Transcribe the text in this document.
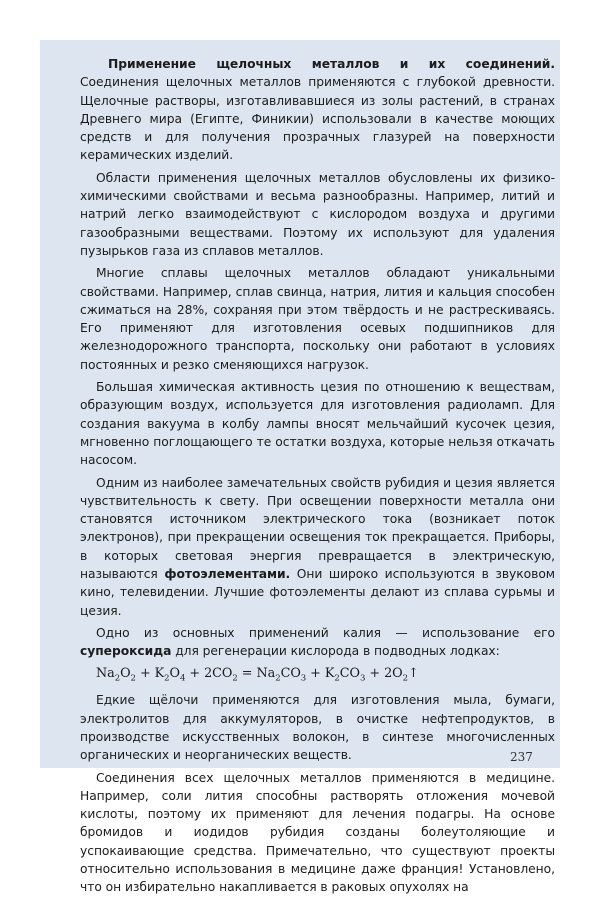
Применение щелочных металлов и их соединений. Соединения щелочных металлов применяются с глубокой древности. Щелочные растворы, изготавливавшиеся из золы растений, в странах Древнего мира (Египте, Финикии) использовали в качестве моющих средств и для получения прозрачных глазурей на поверхности керамических изделий.

Области применения щелочных металлов обусловлены их физико-химическими свойствами и весьма разнообразны. Например, литий и натрий легко взаимодействуют с кислородом воздуха и другими газообразными веществами. Поэтому их используют для удаления пузырьков газа из сплавов металлов.

Многие сплавы щелочных металлов обладают уникальными свойствами. Например, сплав свинца, натрия, лития и кальция способен сжиматься на 28%, сохраняя при этом твёрдость и не растрескиваясь. Его применяют для изготовления осевых подшипников для железнодорожного транспорта, поскольку они работают в условиях постоянных и резко сменяющихся нагрузок.

Большая химическая активность цезия по отношению к веществам, образующим воздух, используется для изготовления радиоламп. Для создания вакуума в колбу лампы вносят мельчайший кусочек цезия, мгновенно поглощающего те остатки воздуха, которые нельзя откачать насосом.

Одним из наиболее замечательных свойств рубидия и цезия является чувствительность к свету. При освещении поверхности металла они становятся источником электрического тока (возникает поток электронов), при прекращении освещения ток прекращается. Приборы, в которых световая энергия превращается в электрическую, называются фотоэлементами. Они широко используются в звуковом кино, телевидении. Лучшие фотоэлементы делают из сплава сурьмы и цезия.

Одно из основных применений калия — использование его супероксида для регенерации кислорода в подводных лодках:

$Na_2O_2 + K_2O_4 + 2CO_2 = Na_2CO_3 + K_2CO_3$ + $2O_2↑$

Едкие щёлочи применяются для изготовления мыла, бумаги, электролитов для аккумуляторов, в очистке нефтепродуктов, в производстве искусственных волокон, в синтезе многочисленных органических и неорганических веществ.

Соединения всех щелочных металлов применяются в медицине. Например, соли лития способны растворять отложения мочевой кислоты, поэтому их применяют для лечения подагры. На основе бромидов и иодидов рубидия созданы болеутоляющие и успокаивающие средства. Примечательно, что существуют проекты относительно использования в медицине даже франция! Установлено, что он избирательно накапливается в раковых опухолях на

237
